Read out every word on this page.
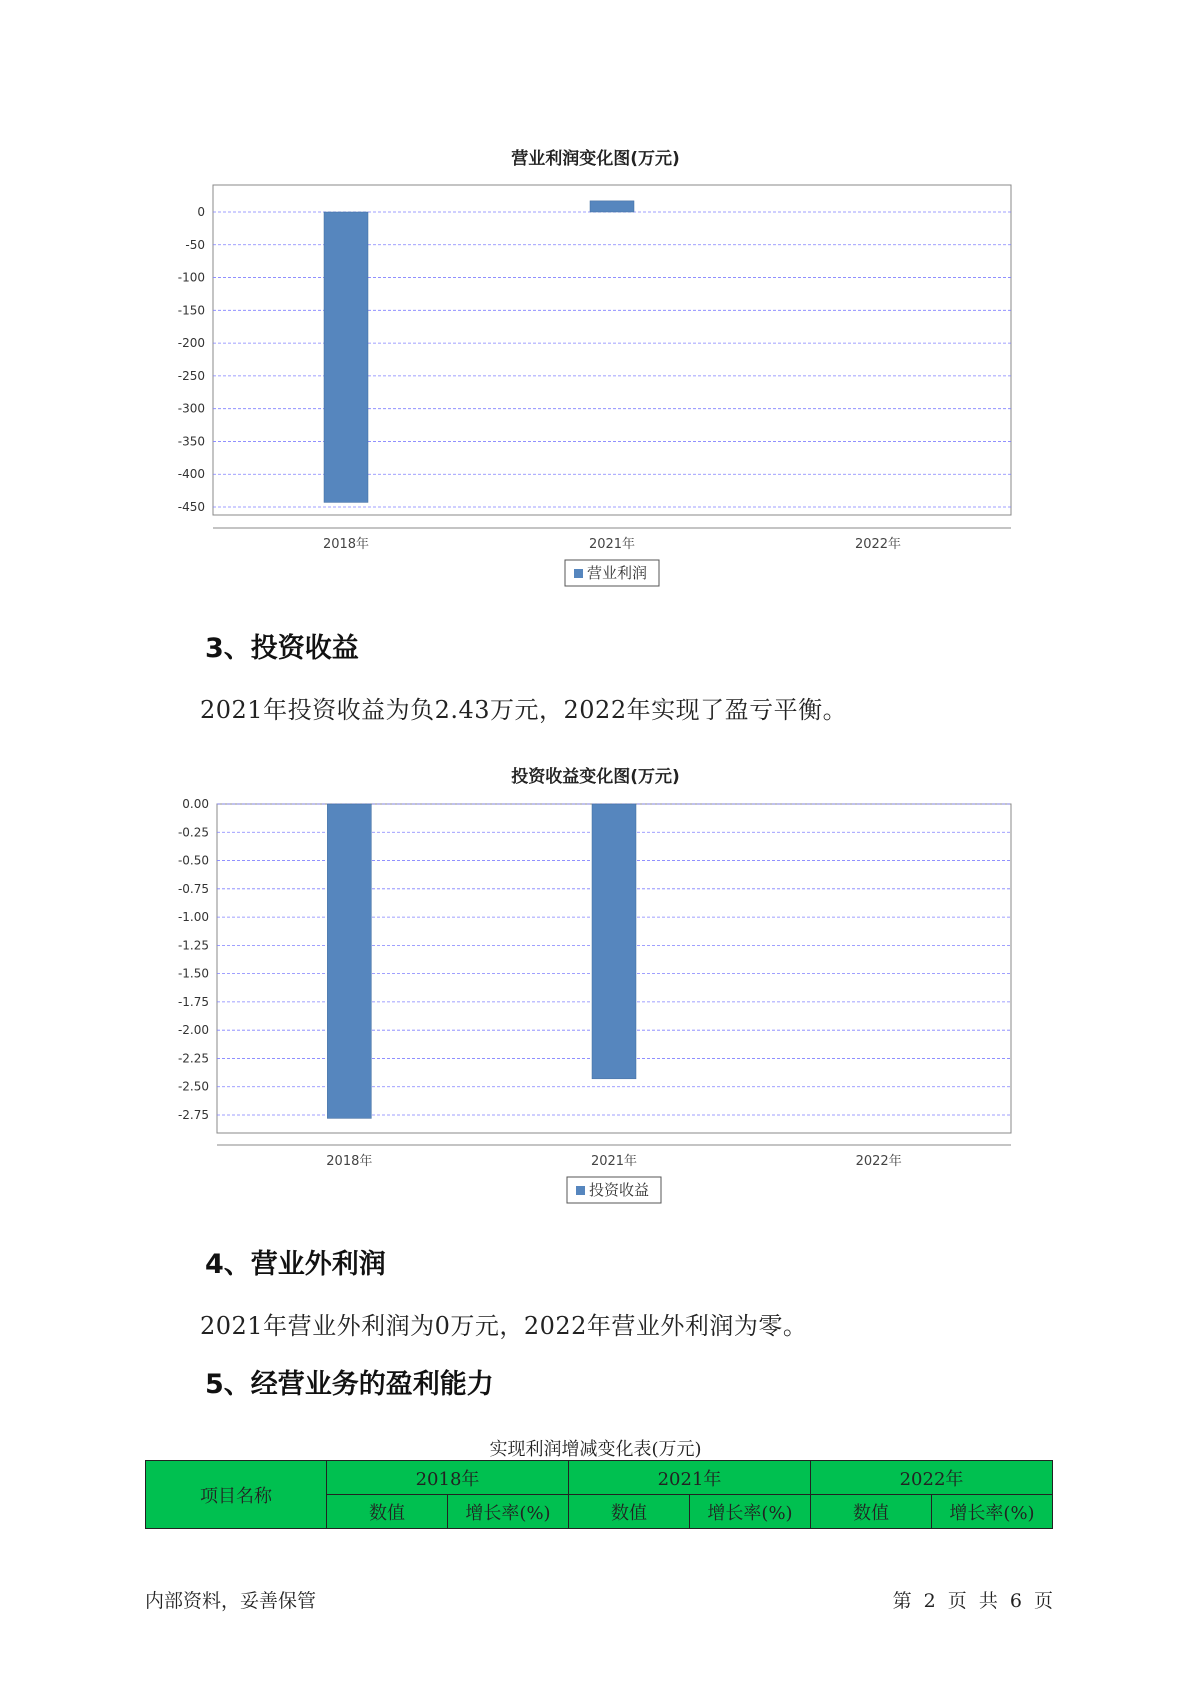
营业利润变化图(万元)
0
-50
-100
-150
-200
-250
-300
-350
-400
-450
2018年	2021年	2022年
营业利润
3、投资收益
2021年投资收益为负2.43万元，2022年实现了盈亏平衡。
投资收益变化图(万元)
0.00
-0.25
-0.50
-0.75
-1.00
-1.25
-1.50
-1.75
-2.00
-2.25
-2.50
-2.75
2018年	2021年	2022年
投资收益
4、营业外利润
2021年营业外利润为0万元，2022年营业外利润为零。
5、经营业务的盈利能力
实现利润增减变化表(万元)
项目名称	2018年		2021年		2022年	
	数值	增长率(%)	数值	增长率(%)	数值	增长率(%)
内部资料，妥善保管	第 2 页 共 6 页
